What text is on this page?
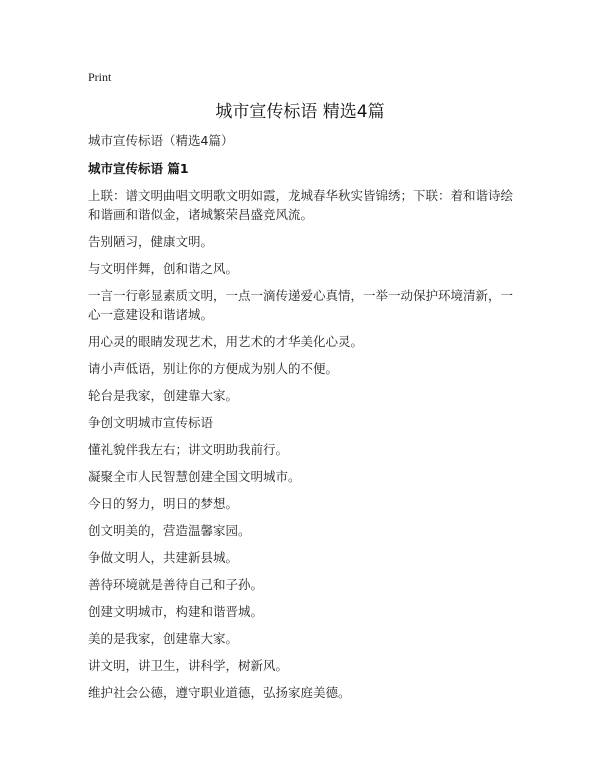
Print
城市宣传标语 精选4篇

城市宣传标语（精选4篇）

城市宣传标语 篇1

上联：谱文明曲唱文明歌文明如霞，龙城春华秋实皆锦绣；下联：着和谐诗绘和谐画和谐似金，诸城繁荣昌盛竞风流。

告别陋习，健康文明。

与文明伴舞，创和谐之风。

一言一行彰显素质文明，一点一滴传递爱心真情，一举一动保护环境清新，一心一意建设和谐诸城。

用心灵的眼睛发现艺术，用艺术的才华美化心灵。

请小声低语，别让你的方便成为别人的不便。

轮台是我家，创建靠大家。

争创文明城市宣传标语

懂礼貌伴我左右；讲文明助我前行。

凝聚全市人民智慧创建全国文明城市。

今日的努力，明日的梦想。

创文明美的，营造温馨家园。

争做文明人，共建新县城。

善待环境就是善待自己和子孙。

创建文明城市，构建和谐晋城。

美的是我家，创建靠大家。

讲文明，讲卫生，讲科学，树新风。

维护社会公德，遵守职业道德，弘扬家庭美德。
